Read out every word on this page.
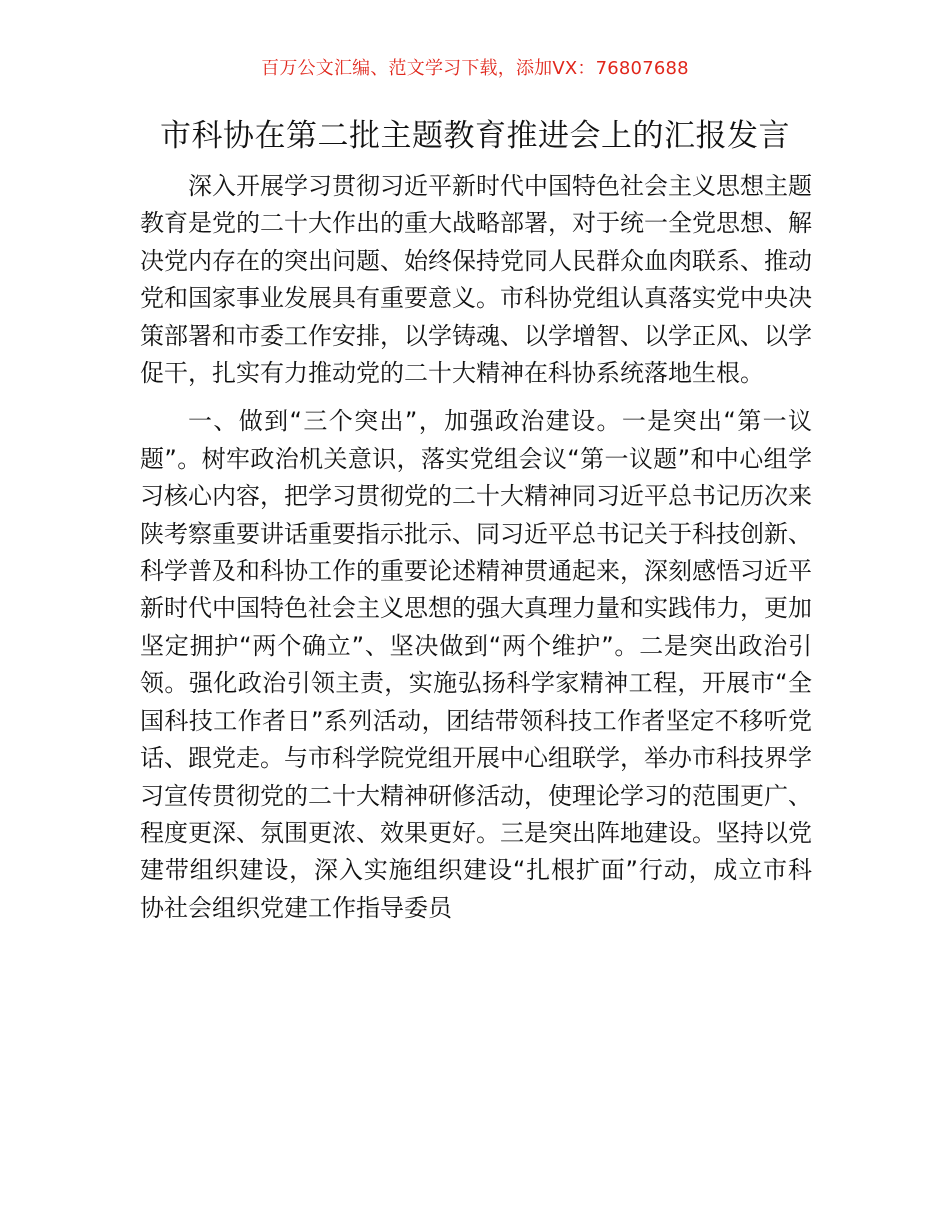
百万公文汇编、范文学习下载，添加VX：76807688
市科协在第二批主题教育推进会上的汇报发言

深入开展学习贯彻习近平新时代中国特色社会主义思想主题教育是党的二十大作出的重大战略部署，对于统一全党思想、解决党内存在的突出问题、始终保持党同人民群众血肉联系、推动党和国家事业发展具有重要意义。市科协党组认真落实党中央决策部署和市委工作安排，以学铸魂、以学增智、以学正风、以学促干，扎实有力推动党的二十大精神在科协系统落地生根。

一、做到“三个突出”，加强政治建设。一是突出“第一议题”。树牢政治机关意识，落实党组会议“第一议题”和中心组学习核心内容，把学习贯彻党的二十大精神同习近平总书记历次来陕考察重要讲话重要指示批示、同习近平总书记关于科技创新、科学普及和科协工作的重要论述精神贯通起来，深刻感悟习近平新时代中国特色社会主义思想的强大真理力量和实践伟力，更加坚定拥护“两个确立”、坚决做到“两个维护”。二是突出政治引领。强化政治引领主责，实施弘扬科学家精神工程，开展市“全国科技工作者日”系列活动，团结带领科技工作者坚定不移听党话、跟党走。与市科学院党组开展中心组联学，举办市科技界学习宣传贯彻党的二十大精神研修活动，使理论学习的范围更广、程度更深、氛围更浓、效果更好。三是突出阵地建设。坚持以党建带组织建设，深入实施组织建设“扎根扩面”行动，成立市科协社会组织党建工作指导委员
